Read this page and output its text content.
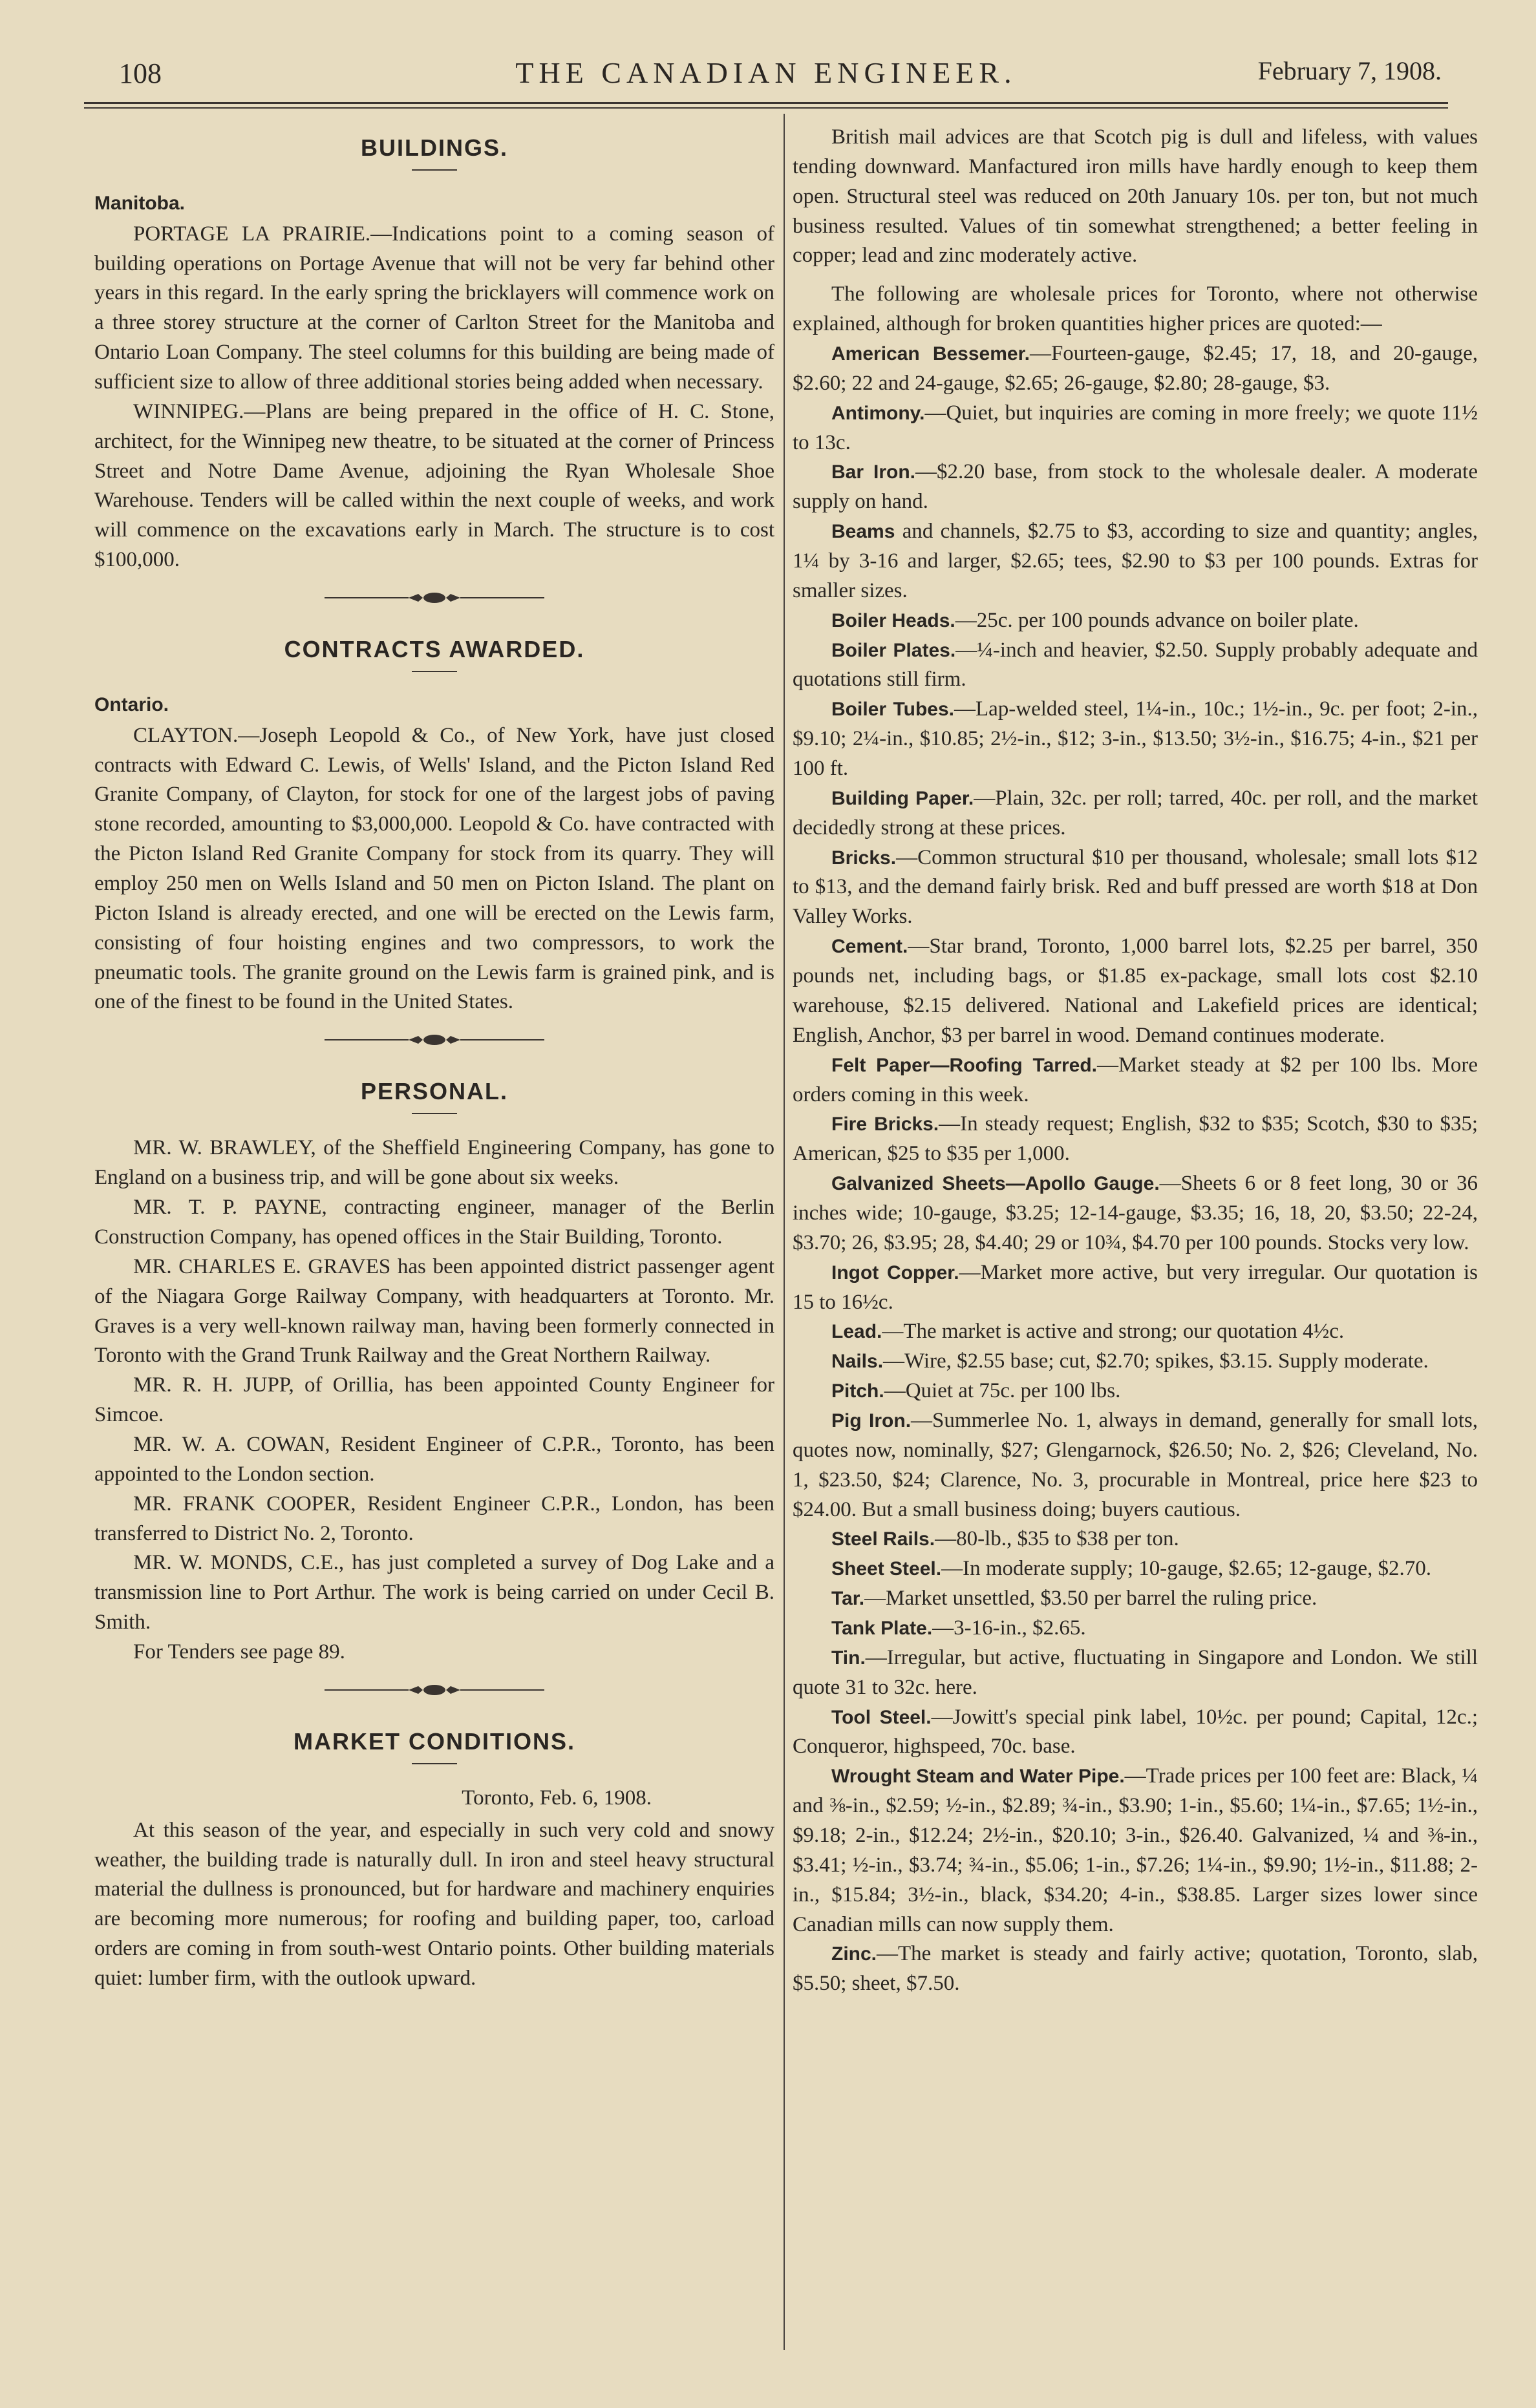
108	THE CANADIAN ENGINEER.	February 7, 1908.
BUILDINGS.
Manitoba.

PORTAGE LA PRAIRIE.—Indications point to a coming season of building operations on Portage Avenue that will not be very far behind other years in this regard. In the early spring the bricklayers will commence work on a three storey structure at the corner of Carlton Street for the Manitoba and Ontario Loan Company. The steel columns for this building are being made of sufficient size to allow of three additional stories being added when necessary.

WINNIPEG.—Plans are being prepared in the office of H. C. Stone, architect, for the Winnipeg new theatre, to be situated at the corner of Princess Street and Notre Dame Avenue, adjoining the Ryan Wholesale Shoe Warehouse. Tenders will be called within the next couple of weeks, and work will commence on the excavations early in March. The structure is to cost $100,000.

CONTRACTS AWARDED.
Ontario.

CLAYTON.—Joseph Leopold & Co., of New York, have just closed contracts with Edward C. Lewis, of Wells' Island, and the Picton Island Red Granite Company, of Clayton, for stock for one of the largest jobs of paving stone recorded, amounting to $3,000,000. Leopold & Co. have contracted with the Picton Island Red Granite Company for stock from its quarry. They will employ 250 men on Wells Island and 50 men on Picton Island. The plant on Picton Island is already erected, and one will be erected on the Lewis farm, consisting of four hoisting engines and two compressors, to work the pneumatic tools. The granite ground on the Lewis farm is grained pink, and is one of the finest to be found in the United States.

PERSONAL.

MR. W. BRAWLEY, of the Sheffield Engineering Company, has gone to England on a business trip, and will be gone about six weeks.

MR. T. P. PAYNE, contracting engineer, manager of the Berlin Construction Company, has opened offices in the Stair Building, Toronto.

MR. CHARLES E. GRAVES has been appointed district passenger agent of the Niagara Gorge Railway Company, with headquarters at Toronto. Mr. Graves is a very well-known railway man, having been formerly connected in Toronto with the Grand Trunk Railway and the Great Northern Railway.

MR. R. H. JUPP, of Orillia, has been appointed County Engineer for Simcoe.

MR. W. A. COWAN, Resident Engineer of C.P.R., Toronto, has been appointed to the London section.

MR. FRANK COOPER, Resident Engineer C.P.R., London, has been transferred to District No. 2, Toronto.

MR. W. MONDS, C.E., has just completed a survey of Dog Lake and a transmission line to Port Arthur. The work is being carried on under Cecil B. Smith.

For Tenders see page 89.

MARKET CONDITIONS.
Toronto, Feb. 6, 1908.

At this season of the year, and especially in such very cold and snowy weather, the building trade is naturally dull. In iron and steel heavy structural material the dullness is pronounced, but for hardware and machinery enquiries are becoming more numerous; for roofing and building paper, too, carload orders are coming in from south-west Ontario points. Other building materials quiet: lumber firm, with the outlook upward.

British mail advices are that Scotch pig is dull and lifeless, with values tending downward. Manfactured iron mills have hardly enough to keep them open. Structural steel was reduced on 20th January 10s. per ton, but not much business resulted. Values of tin somewhat strengthened; a better feeling in copper; lead and zinc moderately active.

The following are wholesale prices for Toronto, where not otherwise explained, although for broken quantities higher prices are quoted:—

American Bessemer.—Fourteen-gauge, $2.45; 17, 18, and 20-gauge, $2.60; 22 and 24-gauge, $2.65; 26-gauge, $2.80; 28-gauge, $3.

Antimony.—Quiet, but inquiries are coming in more freely; we quote 11½ to 13c.

Bar Iron.—$2.20 base, from stock to the wholesale dealer. A moderate supply on hand.

Beams and channels, $2.75 to $3, according to size and quantity; angles, 1¼ by 3-16 and larger, $2.65; tees, $2.90 to $3 per 100 pounds. Extras for smaller sizes.

Boiler Heads.—25c. per 100 pounds advance on boiler plate.

Boiler Plates.—¼-inch and heavier, $2.50. Supply probably adequate and quotations still firm.

Boiler Tubes.—Lap-welded steel, 1¼-in., 10c.; 1½-in., 9c. per foot; 2-in., $9.10; 2¼-in., $10.85; 2½-in., $12; 3-in., $13.50; 3½-in., $16.75; 4-in., $21 per 100 ft.

Building Paper.—Plain, 32c. per roll; tarred, 40c. per roll, and the market decidedly strong at these prices.

Bricks.—Common structural $10 per thousand, wholesale; small lots $12 to $13, and the demand fairly brisk. Red and buff pressed are worth $18 at Don Valley Works.

Cement.—Star brand, Toronto, 1,000 barrel lots, $2.25 per barrel, 350 pounds net, including bags, or $1.85 ex-package, small lots cost $2.10 warehouse, $2.15 delivered. National and Lakefield prices are identical; English, Anchor, $3 per barrel in wood. Demand continues moderate.

Felt Paper—Roofing Tarred.—Market steady at $2 per 100 lbs. More orders coming in this week.

Fire Bricks.—In steady request; English, $32 to $35; Scotch, $30 to $35; American, $25 to $35 per 1,000.

Galvanized Sheets—Apollo Gauge.—Sheets 6 or 8 feet long, 30 or 36 inches wide; 10-gauge, $3.25; 12-14-gauge, $3.35; 16, 18, 20, $3.50; 22-24, $3.70; 26, $3.95; 28, $4.40; 29 or 10¾, $4.70 per 100 pounds. Stocks very low.

Ingot Copper.—Market more active, but very irregular. Our quotation is 15 to 16½c.

Lead.—The market is active and strong; our quotation 4½c.

Nails.—Wire, $2.55 base; cut, $2.70; spikes, $3.15. Supply moderate.

Pitch.—Quiet at 75c. per 100 lbs.

Pig Iron.—Summerlee No. 1, always in demand, generally for small lots, quotes now, nominally, $27; Glengarnock, $26.50; No. 2, $26; Cleveland, No. 1, $23.50, $24; Clarence, No. 3, procurable in Montreal, price here $23 to $24.00. But a small business doing; buyers cautious.

Steel Rails.—80-lb., $35 to $38 per ton.

Sheet Steel.—In moderate supply; 10-gauge, $2.65; 12-gauge, $2.70.

Tar.—Market unsettled, $3.50 per barrel the ruling price.

Tank Plate.—3-16-in., $2.65.

Tin.—Irregular, but active, fluctuating in Singapore and London. We still quote 31 to 32c. here.

Tool Steel.—Jowitt's special pink label, 10½c. per pound; Capital, 12c.; Conqueror, highspeed, 70c. base.

Wrought Steam and Water Pipe.—Trade prices per 100 feet are: Black, ¼ and ⅜-in., $2.59; ½-in., $2.89; ¾-in., $3.90; 1-in., $5.60; 1¼-in., $7.65; 1½-in., $9.18; 2-in., $12.24; 2½-in., $20.10; 3-in., $26.40. Galvanized, ¼ and ⅜-in., $3.41; ½-in., $3.74; ¾-in., $5.06; 1-in., $7.26; 1¼-in., $9.90; 1½-in., $11.88; 2-in., $15.84; 3½-in., black, $34.20; 4-in., $38.85. Larger sizes lower since Canadian mills can now supply them.

Zinc.—The market is steady and fairly active; quotation, Toronto, slab, $5.50; sheet, $7.50.
